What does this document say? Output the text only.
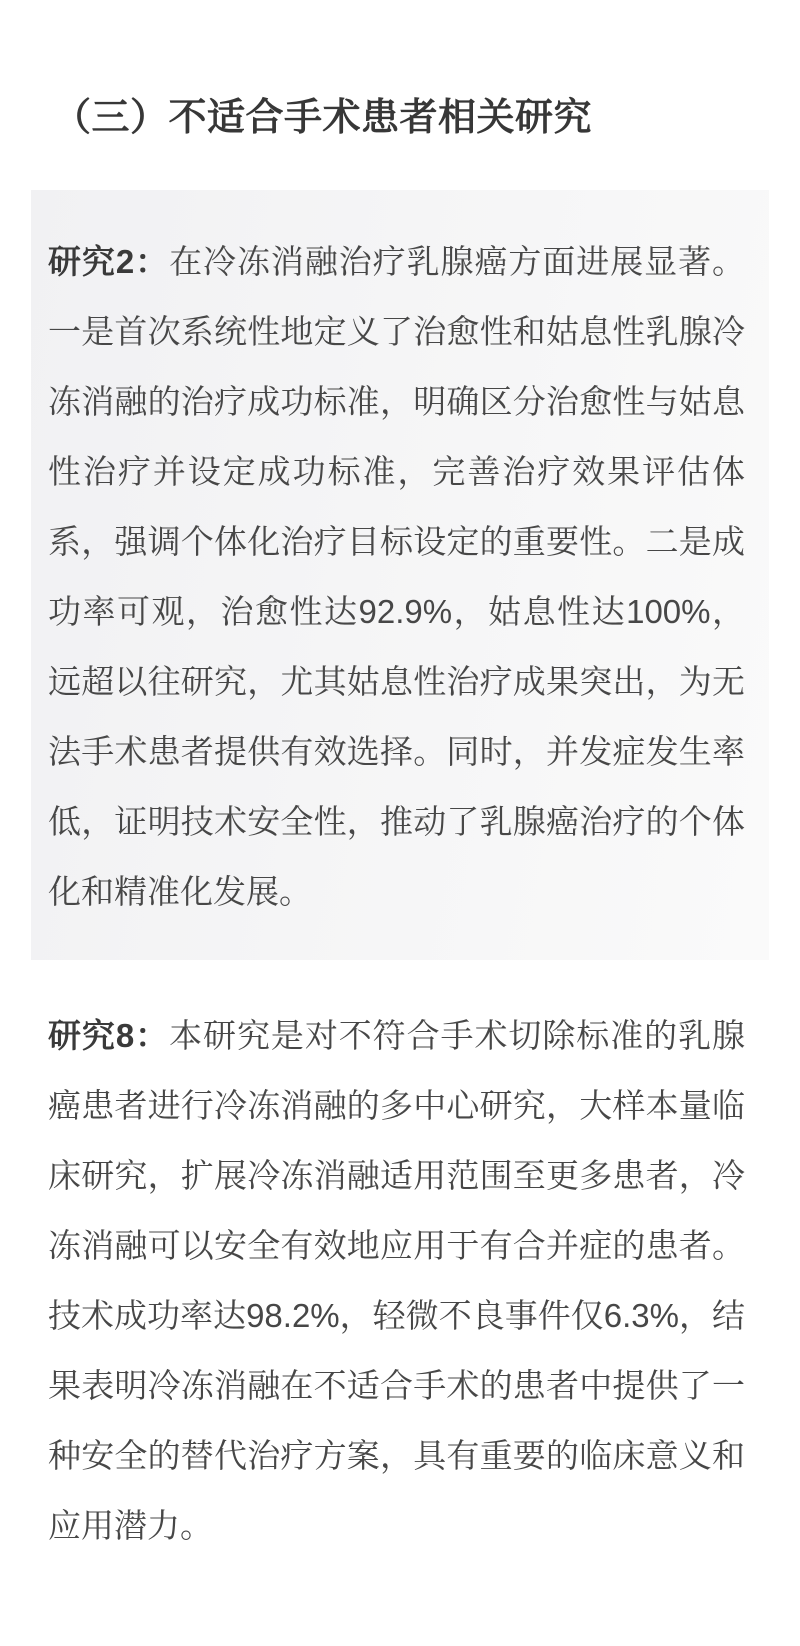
（三）不适合手术患者相关研究
研究2：在冷冻消融治疗乳腺癌方面进展显著。
一是首次系统性地定义了治愈性和姑息性乳腺冷
冻消融的治疗成功标准，明确区分治愈性与姑息
性治疗并设定成功标准，完善治疗效果评估体
系，强调个体化治疗目标设定的重要性。二是成
功率可观，治愈性达92.9%，姑息性达100%，
远超以往研究，尤其姑息性治疗成果突出，为无
法手术患者提供有效选择。同时，并发症发生率
低，证明技术安全性，推动了乳腺癌治疗的个体
化和精准化发展。
研究8：本研究是对不符合手术切除标准的乳腺
癌患者进行冷冻消融的多中心研究，大样本量临
床研究，扩展冷冻消融适用范围至更多患者，冷
冻消融可以安全有效地应用于有合并症的患者。
技术成功率达98.2%，轻微不良事件仅6.3%，结
果表明冷冻消融在不适合手术的患者中提供了一
种安全的替代治疗方案，具有重要的临床意义和
应用潜力。
